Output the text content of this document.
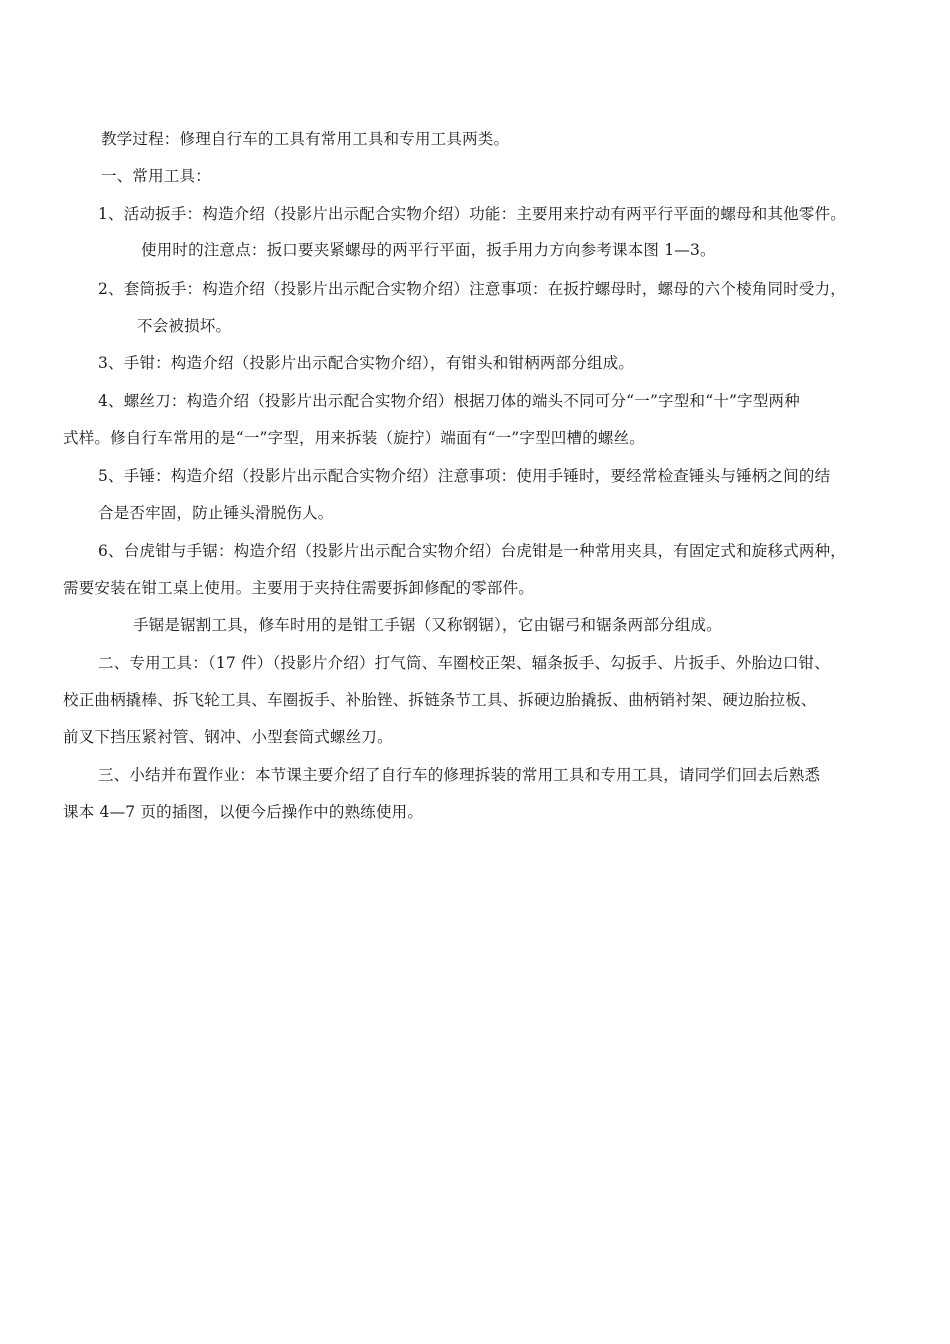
教学过程：修理自行车的工具有常用工具和专用工具两类。
一、常用工具：
1、活动扳手：构造介绍（投影片出示配合实物介绍）功能：主要用来拧动有两平行平面的螺母和其他零件。
使用时的注意点：扳口要夹紧螺母的两平行平面，扳手用力方向参考课本图 1—3。
2、套筒扳手：构造介绍（投影片出示配合实物介绍）注意事项：在扳拧螺母时，螺母的六个棱角同时受力，
不会被损坏。
3、手钳：构造介绍（投影片出示配合实物介绍），有钳头和钳柄两部分组成。
4、螺丝刀：构造介绍（投影片出示配合实物介绍）根据刀体的端头不同可分“一”字型和“十”字型两种
式样。修自行车常用的是“一”字型，用来拆装（旋拧）端面有“一”字型凹槽的螺丝。
5、手锤：构造介绍（投影片出示配合实物介绍）注意事项：使用手锤时，要经常检查锤头与锤柄之间的结
合是否牢固，防止锤头滑脱伤人。
6、台虎钳与手锯：构造介绍（投影片出示配合实物介绍）台虎钳是一种常用夹具，有固定式和旋移式两种，
需要安装在钳工桌上使用。主要用于夹持住需要拆卸修配的零部件。
手锯是锯割工具，修车时用的是钳工手锯（又称钢锯），它由锯弓和锯条两部分组成。
二、专用工具：（17 件）（投影片介绍）打气筒、车圈校正架、辐条扳手、勾扳手、片扳手、外胎边口钳、
校正曲柄撬棒、拆飞轮工具、车圈扳手、补胎锉、拆链条节工具、拆硬边胎撬扳、曲柄销衬架、硬边胎拉板、
前叉下挡压紧衬管、钢冲、小型套筒式螺丝刀。
三、小结并布置作业：本节课主要介绍了自行车的修理拆装的常用工具和专用工具，请同学们回去后熟悉
课本 4—7 页的插图，以便今后操作中的熟练使用。
